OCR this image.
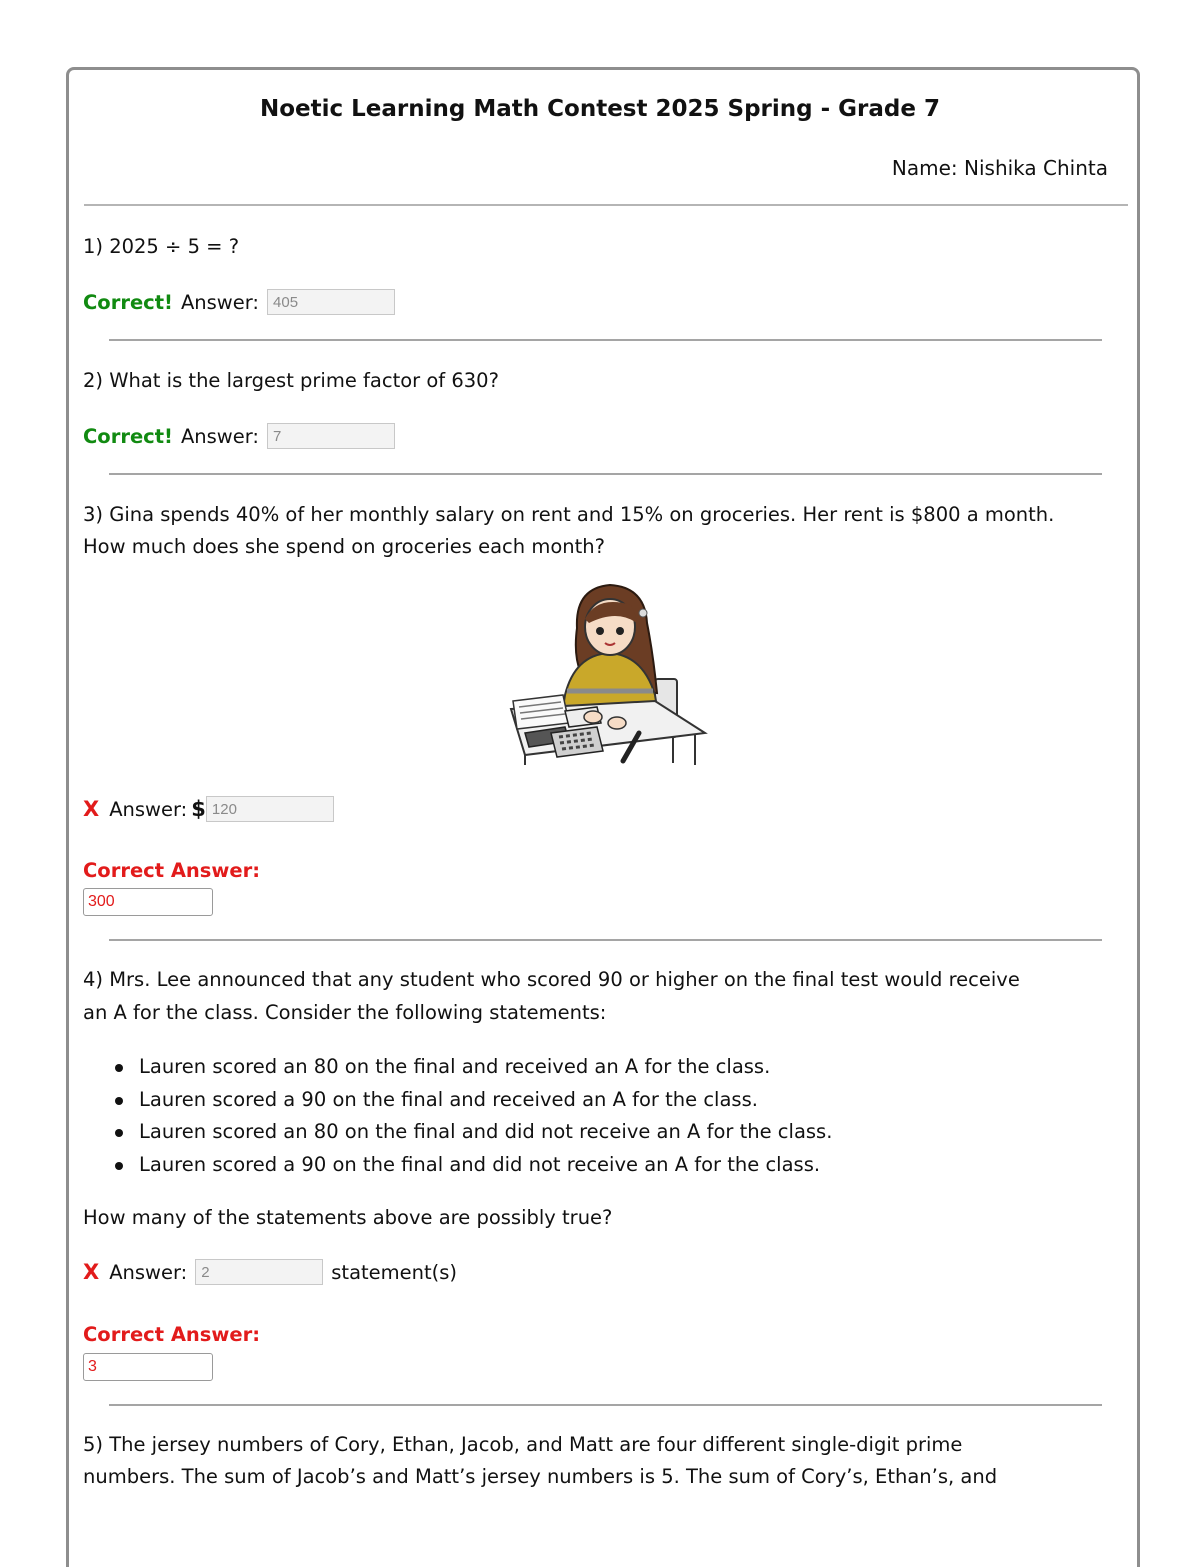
Noetic Learning Math Contest 2025 Spring - Grade 7
Name: Nishika Chinta
1) 2025 ÷ 5 = ?
Correct! Answer:
405
2) What is the largest prime factor of 630?
Correct! Answer:
7
3) Gina spends 40% of her monthly salary on rent and 15% on groceries. Her rent is $800 a month.
How much does she spend on groceries each month?
X Answer: $
120
Correct Answer:
300
4) Mrs. Lee announced that any student who scored 90 or higher on the final test would receive
an A for the class. Consider the following statements:
Lauren scored an 80 on the final and received an A for the class.
Lauren scored a 90 on the final and received an A for the class.
Lauren scored an 80 on the final and did not receive an A for the class.
Lauren scored a 90 on the final and did not receive an A for the class.
How many of the statements above are possibly true?
X Answer:
2	statement(s)
Correct Answer:
3
5) The jersey numbers of Cory, Ethan, Jacob, and Matt are four different single-digit prime
numbers. The sum of Jacob’s and Matt’s jersey numbers is 5. The sum of Cory’s, Ethan’s, and
